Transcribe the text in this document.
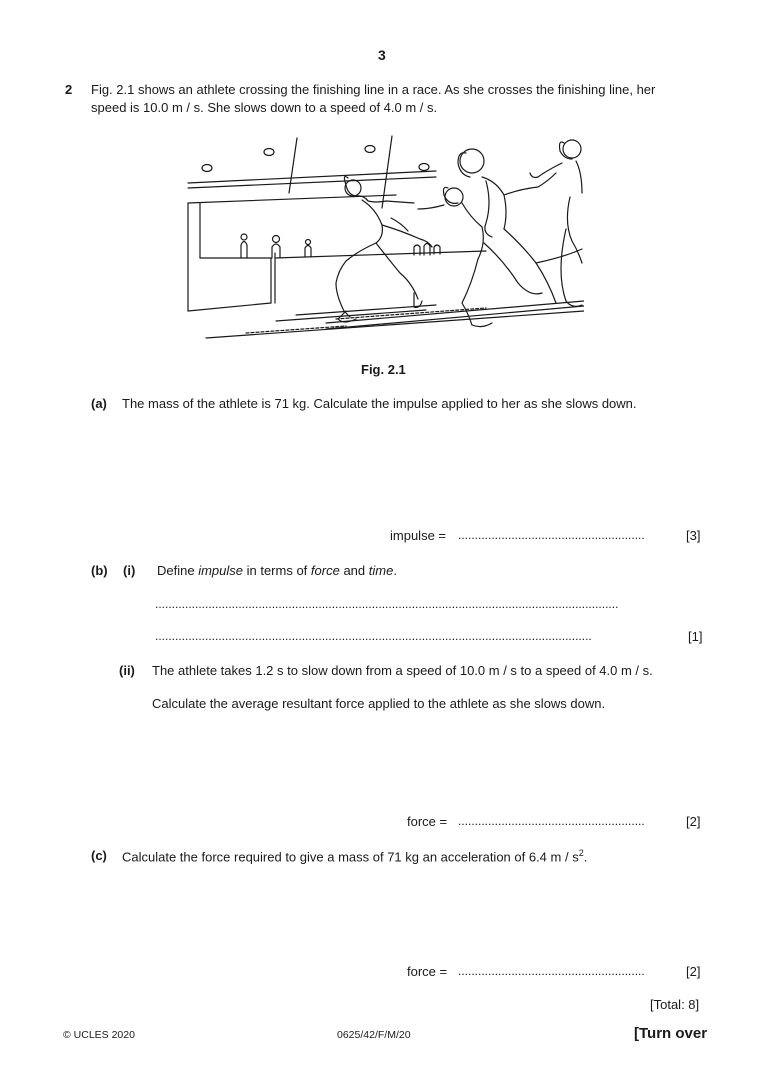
3
2 Fig. 2.1 shows an athlete crossing the finishing line in a race. As she crosses the finishing line, her
speed is 10.0 m / s. She slows down to a speed of 4.0 m / s.
Fig. 2.1
(a) The mass of the athlete is 71 kg. Calculate the impulse applied to her as she slows down.
impulse = ........................................................	[3]
(b) (i) Define impulse in terms of force and time.
...........................................................................................................................................
...................................................................................................................................	[1]
(ii) The athlete takes 1.2 s to slow down from a speed of 10.0 m / s to a speed of 4.0 m / s.
Calculate the average resultant force applied to the athlete as she slows down.
force = ........................................................	[2]
(c) Calculate the force required to give a mass of 71 kg an acceleration of 6.4 m / $s^2$.
force = ........................................................	[2]
[Total: 8]
© UCLES 2020	0625/42/F/M/20	[Turn over
